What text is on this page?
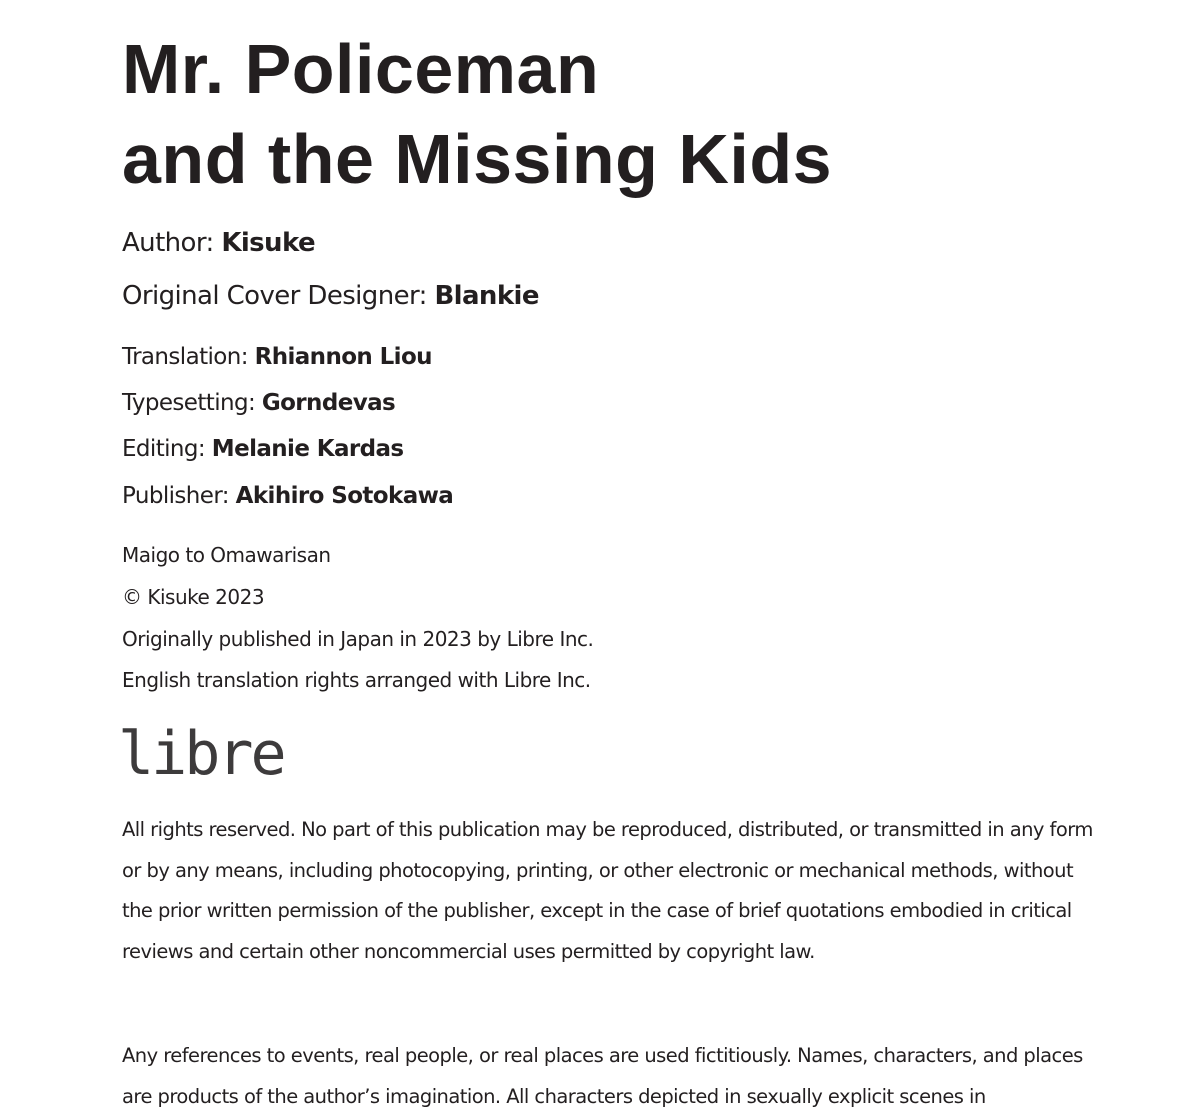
Mr. Policeman
and the Missing Kids
Author: Kisuke
Original Cover Designer: Blankie
Translation: Rhiannon Liou
Typesetting: Gorndevas
Editing: Melanie Kardas
Publisher: Akihiro Sotokawa
Maigo to Omawarisan
© Kisuke 2023
Originally published in Japan in 2023 by Libre Inc.
English translation rights arranged with Libre Inc.
libre

All rights reserved. No part of this publication may be reproduced, distributed, or transmitted in any form or by any means, including photocopying, printing, or other electronic or mechanical methods, without the prior written permission of the publisher, except in the case of brief quotations embodied in critical reviews and certain other noncommercial uses permitted by copyright law.

Any references to events, real people, or real places are used fictitiously. Names, characters, and places are products of the author’s imagination. All characters depicted in sexually explicit scenes in
